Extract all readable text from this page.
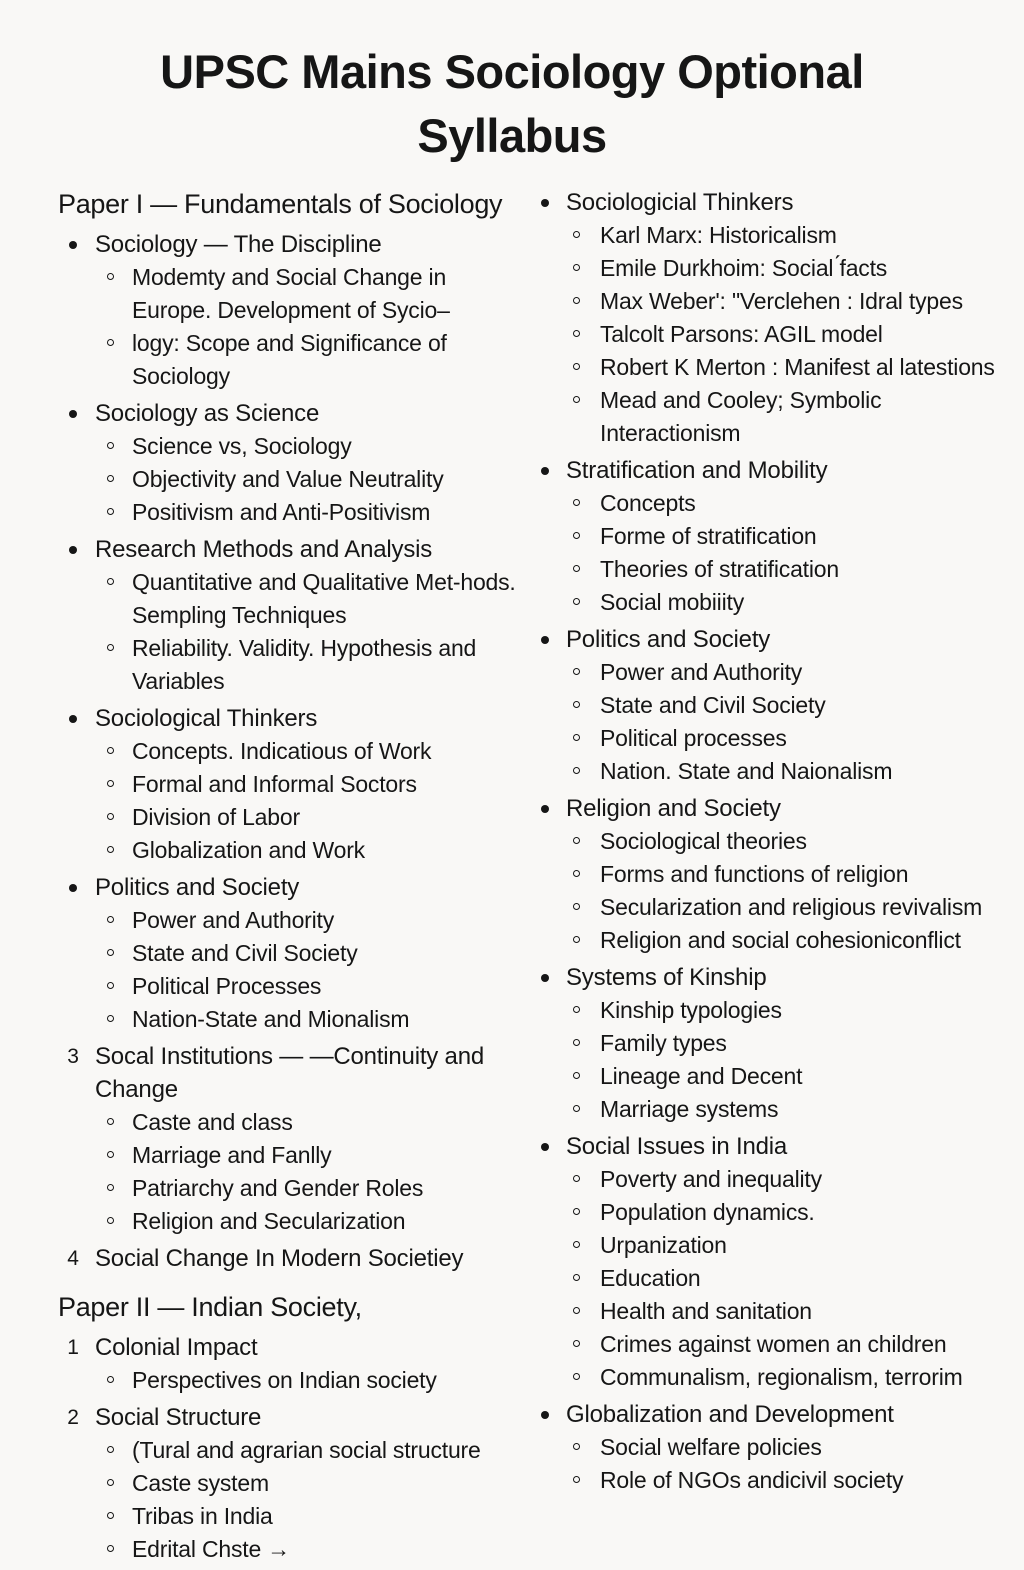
UPSC Mains Sociology Optional
Syllabus
Paper I — Fundamentals of Sociology
Sociology — The Discipline
Modemty and Social Change in Europe. Development of Sycio–
logy: Scope and Significance of Sociology
Sociology as Science
Science vs, Sociology
Objectivity and Value Neutrality
Positivism and Anti-Positivism
Research Methods and Analysis
Quantitative and Qualitative Met-hods. Sempling Techniques
Reliability. Validity. Hypothesis and Variables
Sociological Thinkers
Concepts. Indicatious of Work
Formal and Informal Soctors
Division of Labor
Globalization and Work
Politics and Society
Power and Authority
State and Civil Society
Political Processes
Nation-State and Mionalism
3 Socal Institutions — —Continuity and Change
Caste and class
Marriage and Fanlly
Patriarchy and Gender Roles
Religion and Secularization
4 Social Change In Modern Societiey
Paper II — Indian Society,
1 Colonial Impact
Perspectives on Indian society
2 Social Structure
(Tural and agrarian social structure
Caste system
Tribas in India
Edrital Chste →
Sociologicial Thinkers
Karl Marx: Historicalism
Emile Durkhoim: Social ́facts
Max Weber': "Verclehen : Idral types
Talcolt Parsons: AGIL model
Robert K Merton : Manifest al latestions
Mead and Cooley; Symbolic Interactionism
Stratification and Mobility
Concepts
Forme of stratification
Theories of stratification
Social mobiiity
Politics and Society
Power and Authority
State and Civil Society
Political processes
Nation. State and Naionalism
Religion and Society
Sociological theories
Forms and functions of religion
Secularization and religious revivalism
Religion and social cohesioniconflict
Systems of Kinship
Kinship typologies
Family types
Lineage and Decent
Marriage systems
Social Issues in India
Poverty and inequality
Population dynamics.
Urpanization
Education
Health and sanitation
Crimes against women an children
Communalism, regionalism, terrorim
Globalization and Development
Social welfare policies
Role of NGOs andicivil society
